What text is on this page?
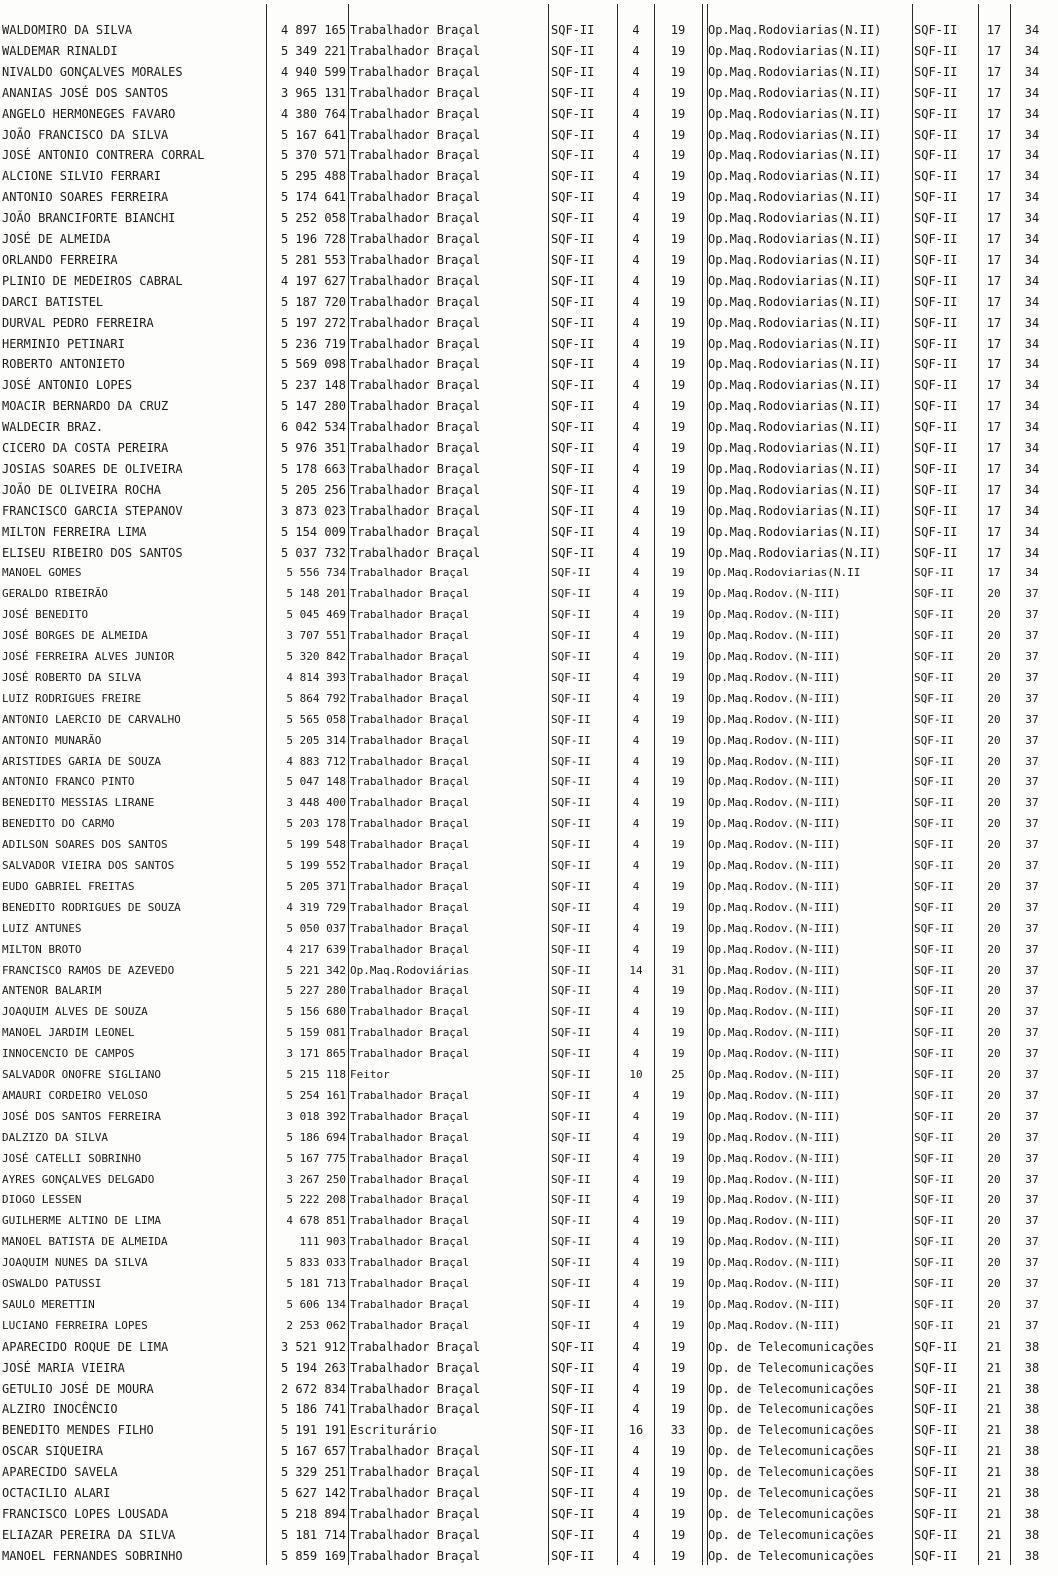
WALDOMIRO DA SILVA	4 897 165 Trabalhador Braçal	SQF-II	4	19	Op.Maq.Rodoviarias(N.II)	SQF-II	17	34
WALDEMAR RINALDI	5 349 221 Trabalhador Braçal	SQF-II	4	19	Op.Maq.Rodoviarias(N.II)	SQF-II	17	34
NIVALDO GONÇALVES MORALES	4 940 599 Trabalhador Braçal	SQF-II	4	19	Op.Maq.Rodoviarias(N.II)	SQF-II	17	34
ANANIAS JOSÉ DOS SANTOS	3 965 131 Trabalhador Braçal	SQF-II	4	19	Op.Maq.Rodoviarias(N.II)	SQF-II	17	34
ANGELO HERMONEGES FAVARO	4 380 764 Trabalhador Braçal	SQF-II	4	19	Op.Maq.Rodoviarias(N.II)	SQF-II	17	34
JOÃO FRANCISCO DA SILVA	5 167 641 Trabalhador Braçal	SQF-II	4	19	Op.Maq.Rodoviarias(N.II)	SQF-II	17	34
JOSÉ ANTONIO CONTRERA CORRAL	5 370 571 Trabalhador Braçal	SQF-II	4	19	Op.Maq.Rodoviarias(N.II)	SQF-II	17	34
ALCIONE SILVIO FERRARI	5 295 488 Trabalhador Braçal	SQF-II	4	19	Op.Maq.Rodoviarias(N.II)	SQF-II	17	34
ANTONIO SOARES FERREIRA	5 174 641 Trabalhador Braçal	SQF-II	4	19	Op.Maq.Rodoviarias(N.II)	SQF-II	17	34
JOÃO BRANCIFORTE BIANCHI	5 252 058 Trabalhador Braçal	SQF-II	4	19	Op.Maq.Rodoviarias(N.II)	SQF-II	17	34
JOSÉ DE ALMEIDA	5 196 728 Trabalhador Braçal	SQF-II	4	19	Op.Maq.Rodoviarias(N.II)	SQF-II	17	34
ORLANDO FERREIRA	5 281 553 Trabalhador Braçal	SQF-II	4	19	Op.Maq.Rodoviarias(N.II)	SQF-II	17	34
PLINIO DE MEDEIROS CABRAL	4 197 627 Trabalhador Braçal	SQF-II	4	19	Op.Maq.Rodoviarias(N.II)	SQF-II	17	34
DARCI BATISTEL	5 187 720 Trabalhador Braçal	SQF-II	4	19	Op.Maq.Rodoviarias(N.II)	SQF-II	17	34
DURVAL PEDRO FERREIRA	5 197 272 Trabalhador Braçal	SQF-II	4	19	Op.Maq.Rodoviarias(N.II)	SQF-II	17	34
HERMINIO PETINARI	5 236 719 Trabalhador Braçal	SQF-II	4	19	Op.Maq.Rodoviarias(N.II)	SQF-II	17	34
ROBERTO ANTONIETO	5 569 098 Trabalhador Braçal	SQF-II	4	19	Op.Maq.Rodoviarias(N.II)	SQF-II	17	34
JOSÉ ANTONIO LOPES	5 237 148 Trabalhador Braçal	SQF-II	4	19	Op.Maq.Rodoviarias(N.II)	SQF-II	17	34
MOACIR BERNARDO DA CRUZ	5 147 280 Trabalhador Braçal	SQF-II	4	19	Op.Maq.Rodoviarias(N.II)	SQF-II	17	34
WALDECIR BRAZ.	6 042 534 Trabalhador Braçal	SQF-II	4	19	Op.Maq.Rodoviarias(N.II)	SQF-II	17	34
CICERO DA COSTA PEREIRA	5 976 351 Trabalhador Braçal	SQF-II	4	19	Op.Maq.Rodoviarias(N.II)	SQF-II	17	34
JOSIAS SOARES DE OLIVEIRA	5 178 663 Trabalhador Braçal	SQF-II	4	19	Op.Maq.Rodoviarias(N.II)	SQF-II	17	34
JOÃO DE OLIVEIRA ROCHA	5 205 256 Trabalhador Braçal	SQF-II	4	19	Op.Maq.Rodoviarias(N.II)	SQF-II	17	34
FRANCISCO GARCIA STEPANOV	3 873 023 Trabalhador Braçal	SQF-II	4	19	Op.Maq.Rodoviarias(N.II)	SQF-II	17	34
MILTON FERREIRA LIMA	5 154 009 Trabalhador Braçal	SQF-II	4	19	Op.Maq.Rodoviarias(N.II)	SQF-II	17	34
ELISEU RIBEIRO DOS SANTOS	5 037 732 Trabalhador Braçal	SQF-II	4	19	Op.Maq.Rodoviarias(N.II)	SQF-II	17	34
MANOEL GOMES	5 556 734 Trabalhador Braçal	SQF-II	4	19	Op.Maq.Rodoviarias(N.II	SQF-II	17	34
GERALDO RIBEIRÃO	5 148 201 Trabalhador Braçal	SQF-II	4	19	Op.Maq.Rodov.(N-III)	SQF-II	20	37
JOSÉ BENEDITO	5 045 469 Trabalhador Braçal	SQF-II	4	19	Op.Maq.Rodov.(N-III)	SQF-II	20	37
JOSÉ BORGES DE ALMEIDA	3 707 551 Trabalhador Braçal	SQF-II	4	19	Op.Maq.Rodov.(N-III)	SQF-II	20	37
JOSÉ FERREIRA ALVES JUNIOR	5 320 842 Trabalhador Braçal	SQF-II	4	19	Op.Maq.Rodov.(N-III)	SQF-II	20	37
JOSÉ ROBERTO DA SILVA	4 814 393 Trabalhador Braçal	SQF-II	4	19	Op.Maq.Rodov.(N-III)	SQF-II	20	37
LUIZ RODRIGUES FREIRE	5 864 792 Trabalhador Braçal	SQF-II	4	19	Op.Maq.Rodov.(N-III)	SQF-II	20	37
ANTONIO LAERCIO DE CARVALHO	5 565 058 Trabalhador Braçal	SQF-II	4	19	Op.Maq.Rodov.(N-III)	SQF-II	20	37
ANTONIO MUNARÃO	5 205 314 Trabalhador Braçal	SQF-II	4	19	Op.Maq.Rodov.(N-III)	SQF-II	20	37
ARISTIDES GARIA DE SOUZA	4 883 712 Trabalhador Braçal	SQF-II	4	19	Op.Maq.Rodov.(N-III)	SQF-II	20	37
ANTONIO FRANCO PINTO	5 047 148 Trabalhador Braçal	SQF-II	4	19	Op.Maq.Rodov.(N-III)	SQF-II	20	37
BENEDITO MESSIAS LIRANE	3 448 400 Trabalhador Braçal	SQF-II	4	19	Op.Maq.Rodov.(N-III)	SQF-II	20	37
BENEDITO DO CARMO	5 203 178 Trabalhador Braçal	SQF-II	4	19	Op.Maq.Rodov.(N-III)	SQF-II	20	37
ADILSON SOARES DOS SANTOS	5 199 548 Trabalhador Braçal	SQF-II	4	19	Op.Maq.Rodov.(N-III)	SQF-II	20	37
SALVADOR VIEIRA DOS SANTOS	5 199 552 Trabalhador Braçal	SQF-II	4	19	Op.Maq.Rodov.(N-III)	SQF-II	20	37
EUDO GABRIEL FREITAS	5 205 371 Trabalhador Braçal	SQF-II	4	19	Op.Maq.Rodov.(N-III)	SQF-II	20	37
BENEDITO RODRIGUES DE SOUZA	4 319 729 Trabalhador Braçal	SQF-II	4	19	Op.Maq.Rodov.(N-III)	SQF-II	20	37
LUIZ ANTUNES	5 050 037 Trabalhador Braçal	SQF-II	4	19	Op.Maq.Rodov.(N-III)	SQF-II	20	37
MILTON BROTO	4 217 639 Trabalhador Braçal	SQF-II	4	19	Op.Maq.Rodov.(N-III)	SQF-II	20	37
FRANCISCO RAMOS DE AZEVEDO	5 221 342 Op.Maq.Rodoviárias	SQF-II	14	31	Op.Maq.Rodov.(N-III)	SQF-II	20	37
ANTENOR BALARIM	5 227 280 Trabalhador Braçal	SQF-II	4	19	Op.Maq.Rodov.(N-III)	SQF-II	20	37
JOAQUIM ALVES DE SOUZA	5 156 680 Trabalhador Braçal	SQF-II	4	19	Op.Maq.Rodov.(N-III)	SQF-II	20	37
MANOEL JARDIM LEONEL	5 159 081 Trabalhador Braçal	SQF-II	4	19	Op.Maq.Rodov.(N-III)	SQF-II	20	37
INNOCENCIO DE CAMPOS	3 171 865 Trabalhador Braçal	SQF-II	4	19	Op.Maq.Rodov.(N-III)	SQF-II	20	37
SALVADOR ONOFRE SIGLIANO	5 215 118 Feitor	SQF-II	10	25	Op.Maq.Rodov.(N-III)	SQF-II	20	37
AMAURI CORDEIRO VELOSO	5 254 161 Trabalhador Braçal	SQF-II	4	19	Op.Maq.Rodov.(N-III)	SQF-II	20	37
JOSÉ DOS SANTOS FERREIRA	3 018 392 Trabalhador Braçal	SQF-II	4	19	Op.Maq.Rodov.(N-III)	SQF-II	20	37
DALZIZO DA SILVA	5 186 694 Trabalhador Braçal	SQF-II	4	19	Op.Maq.Rodov.(N-III)	SQF-II	20	37
JOSÉ CATELLI SOBRINHO	5 167 775 Trabalhador Braçal	SQF-II	4	19	Op.Maq.Rodov.(N-III)	SQF-II	20	37
AYRES GONÇALVES DELGADO	3 267 250 Trabalhador Braçal	SQF-II	4	19	Op.Maq.Rodov.(N-III)	SQF-II	20	37
DIOGO LESSEN	5 222 208 Trabalhador Braçal	SQF-II	4	19	Op.Maq.Rodov.(N-III)	SQF-II	20	37
GUILHERME ALTINO DE LIMA	4 678 851 Trabalhador Braçal	SQF-II	4	19	Op.Maq.Rodov.(N-III)	SQF-II	20	37
MANOEL BATISTA DE ALMEIDA	111 903 Trabalhador Braçal	SQF-II	4	19	Op.Maq.Rodov.(N-III)	SQF-II	20	37
JOAQUIM NUNES DA SILVA	5 833 033 Trabalhador Braçal	SQF-II	4	19	Op.Maq.Rodov.(N-III)	SQF-II	20	37
OSWALDO PATUSSI	5 181 713 Trabalhador Braçal	SQF-II	4	19	Op.Maq.Rodov.(N-III)	SQF-II	20	37
SAULO MERETTIN	5 606 134 Trabalhador Braçal	SQF-II	4	19	Op.Maq.Rodov.(N-III)	SQF-II	20	37
LUCIANO FERREIRA LOPES	2 253 062 Trabalhador Braçal	SQF-II	4	19	Op.Maq.Rodov.(N-III)	SQF-II	21	37
APARECIDO ROQUE DE LIMA	3 521 912 Trabalhador Braçal	SQF-II	4	19	Op. de Telecomunicações	SQF-II	21	38
JOSÉ MARIA VIEIRA	5 194 263 Trabalhador Braçal	SQF-II	4	19	Op. de Telecomunicações	SQF-II	21	38
GETULIO JOSÉ DE MOURA	2 672 834 Trabalhador Braçal	SQF-II	4	19	Op. de Telecomunicações	SQF-II	21	38
ALZIRO INOCÊNCIO	5 186 741 Trabalhador Braçal	SQF-II	4	19	Op. de Telecomunicações	SQF-II	21	38
BENEDITO MENDES FILHO	5 191 191 Escriturário	SQF-II	16	33	Op. de Telecomunicações	SQF-II	21	38
OSCAR SIQUEIRA	5 167 657 Trabalhador Braçal	SQF-II	4	19	Op. de Telecomunicações	SQF-II	21	38
APARECIDO SAVELA	5 329 251 Trabalhador Braçal	SQF-II	4	19	Op. de Telecomunicações	SQF-II	21	38
OCTACILIO ALARI	5 627 142 Trabalhador Braçal	SQF-II	4	19	Op. de Telecomunicações	SQF-II	21	38
FRANCISCO LOPES LOUSADA	5 218 894 Trabalhador Braçal	SQF-II	4	19	Op. de Telecomunicações	SQF-II	21	38
ELIAZAR PEREIRA DA SILVA	5 181 714 Trabalhador Braçal	SQF-II	4	19	Op. de Telecomunicações	SQF-II	21	38
MANOEL FERNANDES SOBRINHO	5 859 169 Trabalhador Braçal	SQF-II	4	19	Op. de Telecomunicações	SQF-II	21	38
